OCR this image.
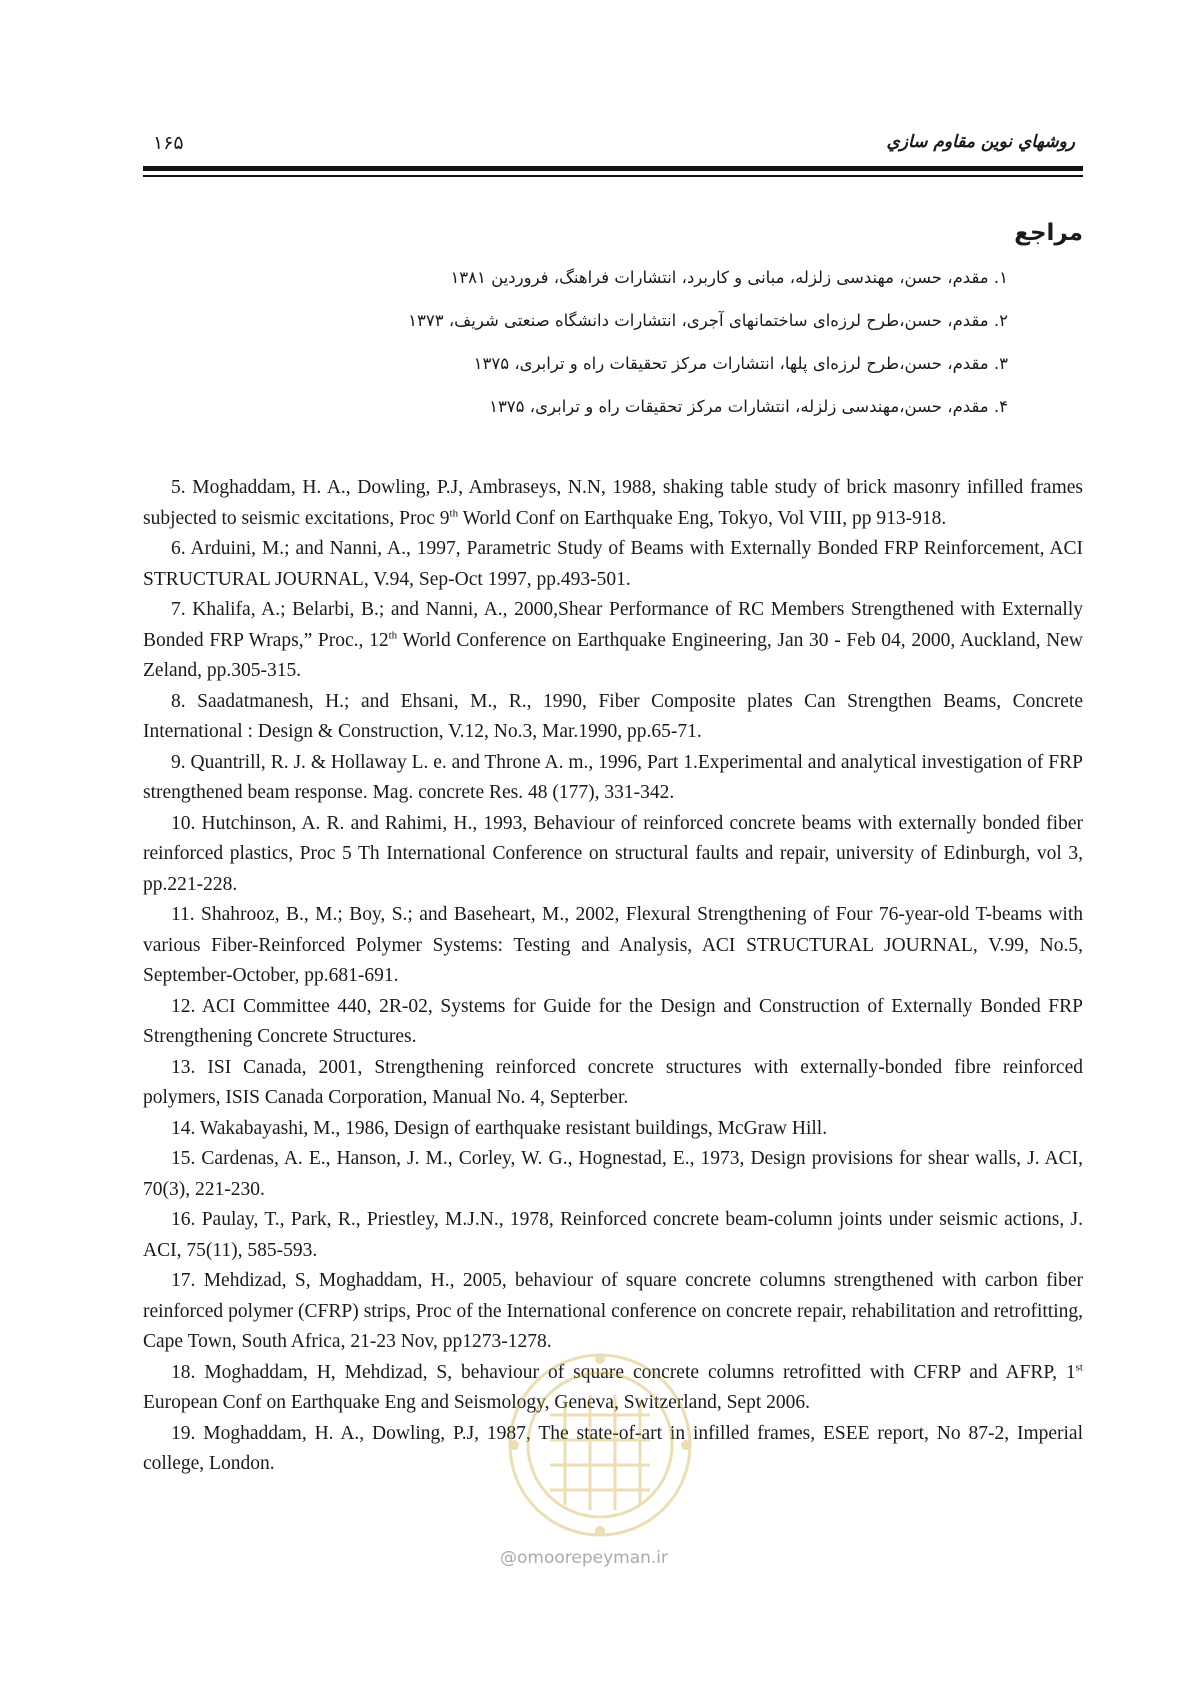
۱۶۵	روشهاي نوين مقاوم سازي
مراجع
۱. مقدم، حسن، مهندسی زلزله، مبانی و کاربرد، انتشارات فراهنگ، فروردین ۱۳۸۱
۲. مقدم، حسن،طرح لرزه‌ای ساختمانهای آجری، انتشارات دانشگاه صنعتی شریف، ۱۳۷۳
۳. مقدم، حسن،طرح لرزه‌ای پلها، انتشارات مرکز تحقیقات راه و ترابری، ۱۳۷۵
۴. مقدم، حسن،مهندسی زلزله، انتشارات مرکز تحقیقات راه و ترابری، ۱۳۷۵
5. Moghaddam, H. A., Dowling, P.J, Ambraseys, N.N, 1988, shaking table study of brick masonry infilled frames subjected to seismic excitations, Proc 9th World Conf on Earthquake Eng, Tokyo, Vol VIII, pp 913-918.
6. Arduini, M.; and Nanni, A., 1997, Parametric Study of Beams with Externally Bonded FRP Reinforcement, ACI STRUCTURAL JOURNAL, V.94, Sep-Oct 1997, pp.493-501.
7. Khalifa, A.; Belarbi, B.; and Nanni, A., 2000,Shear Performance of RC Members Strengthened with Externally Bonded FRP Wraps,” Proc., 12th World Conference on Earthquake Engineering, Jan 30 - Feb 04, 2000, Auckland, New Zeland, pp.305-315.
8. Saadatmanesh, H.; and Ehsani, M., R., 1990, Fiber Composite plates Can Strengthen Beams, Concrete International : Design & Construction, V.12, No.3, Mar.1990, pp.65-71.
9. Quantrill, R. J. & Hollaway L. e. and Throne A. m., 1996, Part 1.Experimental and analytical investigation of FRP strengthened beam response. Mag. concrete Res. 48 (177), 331-342.
10. Hutchinson, A. R. and Rahimi, H., 1993, Behaviour of reinforced concrete beams with externally bonded fiber reinforced plastics, Proc 5 Th International Conference on structural faults and repair, university of Edinburgh, vol 3, pp.221-228.
11. Shahrooz, B., M.; Boy, S.; and Baseheart, M., 2002, Flexural Strengthening of Four 76-year-old T-beams with various Fiber-Reinforced Polymer Systems: Testing and Analysis, ACI STRUCTURAL JOURNAL, V.99, No.5, September-October, pp.681-691.
12. ACI Committee 440, 2R-02, Systems for Guide for the Design and Construction of Externally Bonded FRP Strengthening Concrete Structures.
13. ISI Canada, 2001, Strengthening reinforced concrete structures with externally-bonded fibre reinforced polymers, ISIS Canada Corporation, Manual No. 4, Septerber.
14. Wakabayashi, M., 1986, Design of earthquake resistant buildings, McGraw Hill.
15. Cardenas, A. E., Hanson, J. M., Corley, W. G., Hognestad, E., 1973, Design provisions for shear walls, J. ACI, 70(3), 221-230.
16. Paulay, T., Park, R., Priestley, M.J.N., 1978, Reinforced concrete beam-column joints under seismic actions, J. ACI, 75(11), 585-593.
17. Mehdizad, S, Moghaddam, H., 2005, behaviour of square concrete columns strengthened with carbon fiber reinforced polymer (CFRP) strips, Proc of the International conference on concrete repair, rehabilitation and retrofitting, Cape Town, South Africa, 21-23 Nov, pp1273-1278.
18. Moghaddam, H, Mehdizad, S, behaviour of square concrete columns retrofitted with CFRP and AFRP, 1st European Conf on Earthquake Eng and Seismology, Geneva, Switzerland, Sept 2006.
19. Moghaddam, H. A., Dowling, P.J, 1987, The state-of-art in infilled frames, ESEE report, No 87-2, Imperial college, London.
@omoorepeyman.ir
